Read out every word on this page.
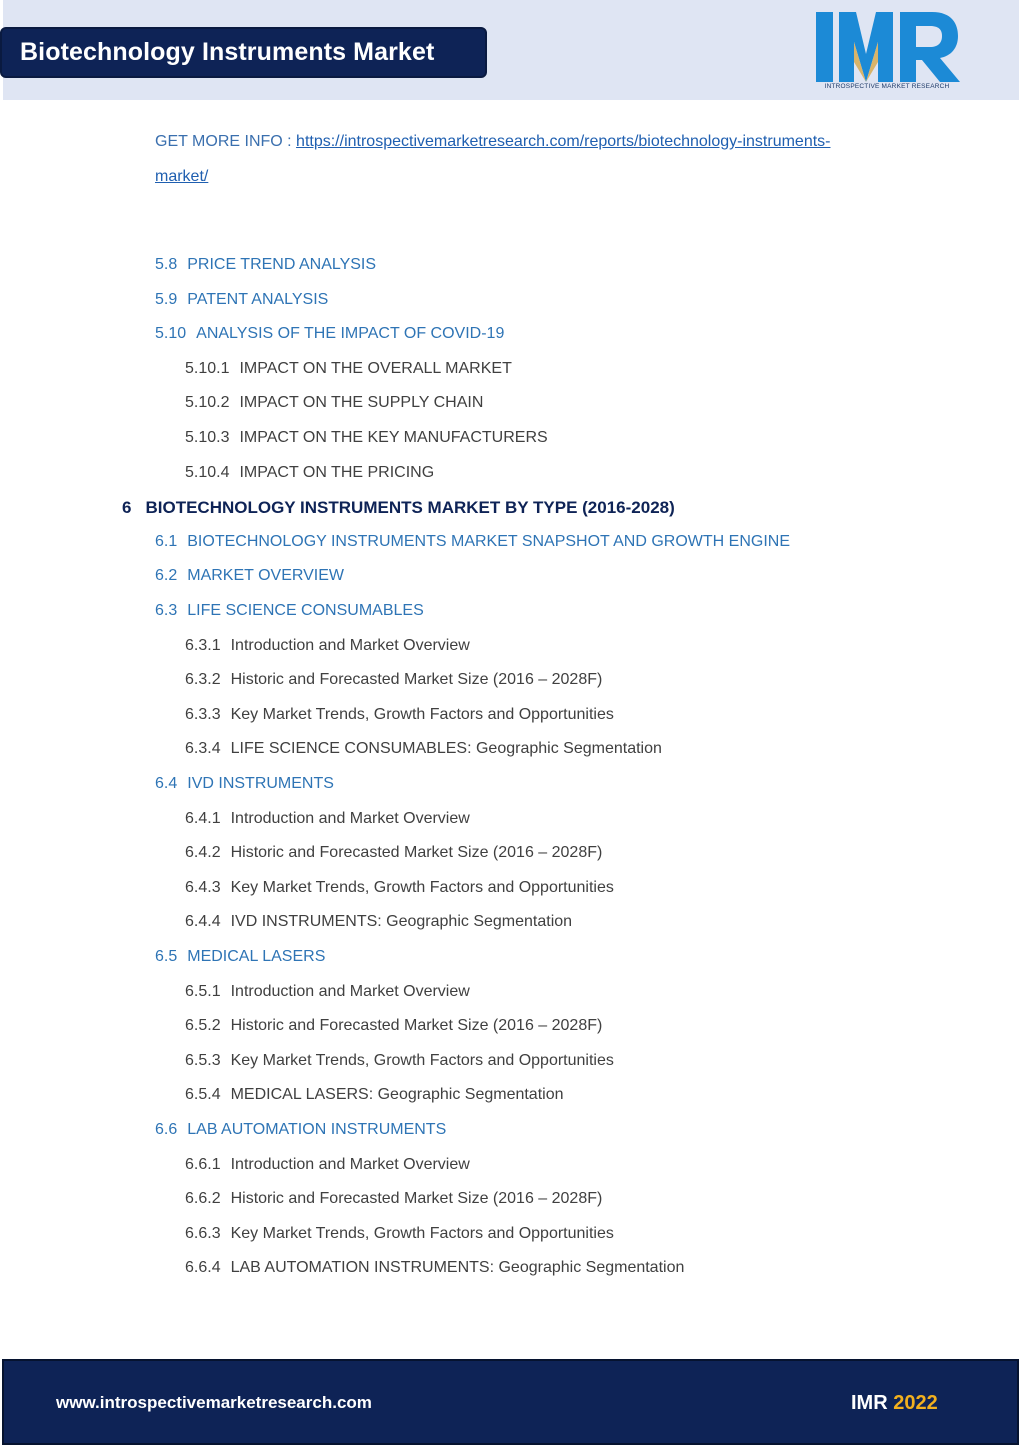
Biotechnology Instruments Market
INTROSPECTIVE MARKET RESEARCH
GET MORE INFO : https://introspectivemarketresearch.com/reports/biotechnology-instruments-
market/
5.8 PRICE TREND ANALYSIS
5.9 PATENT ANALYSIS
5.10 ANALYSIS OF THE IMPACT OF COVID-19
5.10.1 IMPACT ON THE OVERALL MARKET
5.10.2 IMPACT ON THE SUPPLY CHAIN
5.10.3 IMPACT ON THE KEY MANUFACTURERS
5.10.4 IMPACT ON THE PRICING
6 BIOTECHNOLOGY INSTRUMENTS MARKET BY TYPE (2016-2028)
6.1 BIOTECHNOLOGY INSTRUMENTS MARKET SNAPSHOT AND GROWTH ENGINE
6.2 MARKET OVERVIEW
6.3 LIFE SCIENCE CONSUMABLES
6.3.1 Introduction and Market Overview
6.3.2 Historic and Forecasted Market Size (2016 – 2028F)
6.3.3 Key Market Trends, Growth Factors and Opportunities
6.3.4 LIFE SCIENCE CONSUMABLES: Geographic Segmentation
6.4 IVD INSTRUMENTS
6.4.1 Introduction and Market Overview
6.4.2 Historic and Forecasted Market Size (2016 – 2028F)
6.4.3 Key Market Trends, Growth Factors and Opportunities
6.4.4 IVD INSTRUMENTS: Geographic Segmentation
6.5 MEDICAL LASERS
6.5.1 Introduction and Market Overview
6.5.2 Historic and Forecasted Market Size (2016 – 2028F)
6.5.3 Key Market Trends, Growth Factors and Opportunities
6.5.4 MEDICAL LASERS: Geographic Segmentation
6.6 LAB AUTOMATION INSTRUMENTS
6.6.1 Introduction and Market Overview
6.6.2 Historic and Forecasted Market Size (2016 – 2028F)
6.6.3 Key Market Trends, Growth Factors and Opportunities
6.6.4 LAB AUTOMATION INSTRUMENTS: Geographic Segmentation
www.introspectivemarketresearch.com	IMR 2022
